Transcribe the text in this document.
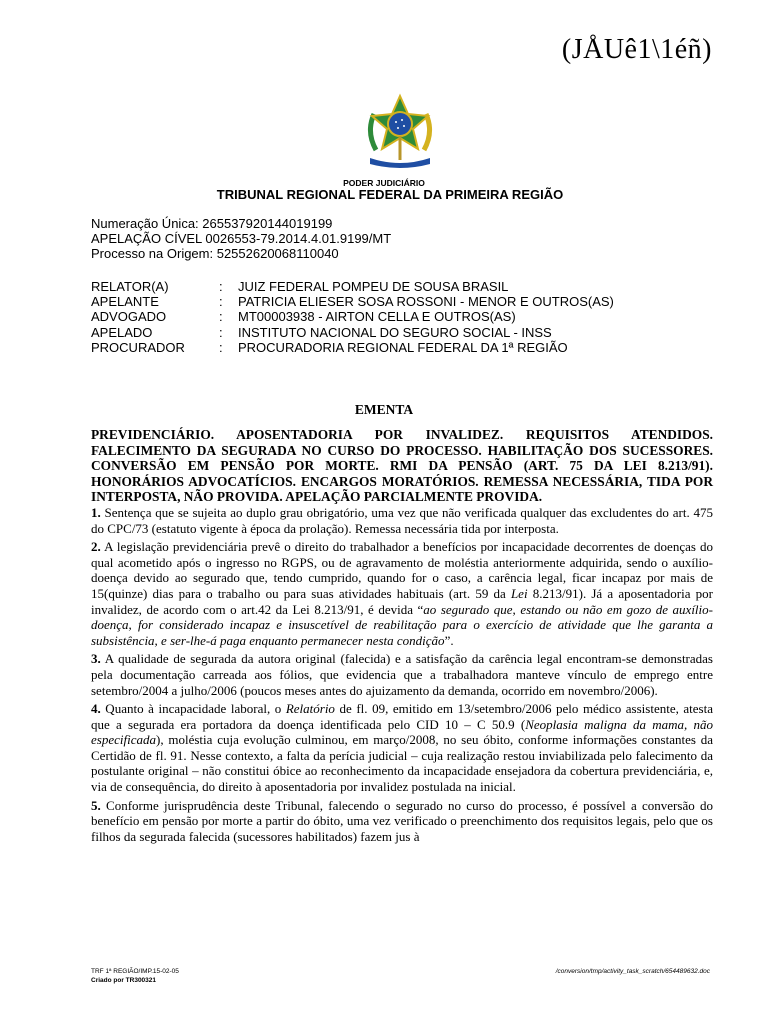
(JÅUê1\1éñ)
PODER JUDICIÁRIO
TRIBUNAL REGIONAL FEDERAL DA PRIMEIRA REGIÃO
Numeração Única: 265537920144019199
APELAÇÃO CÍVEL 0026553-79.2014.4.01.9199/MT
Processo na Origem: 52552620068110040
RELATOR(A)	:	JUIZ FEDERAL POMPEU DE SOUSA BRASIL
APELANTE	:	PATRICIA ELIESER SOSA ROSSONI - MENOR E OUTROS(AS)
ADVOGADO	:	MT00003938 - AIRTON CELLA E OUTROS(AS)
APELADO	:	INSTITUTO NACIONAL DO SEGURO SOCIAL - INSS
PROCURADOR	:	PROCURADORIA REGIONAL FEDERAL DA 1ª REGIÃO
EMENTA

PREVIDENCIÁRIO. APOSENTADORIA POR INVALIDEZ. REQUISITOS ATENDIDOS. FALECIMENTO DA SEGURADA NO CURSO DO PROCESSO. HABILITAÇÃO DOS SUCESSORES. CONVERSÃO EM PENSÃO POR MORTE. RMI DA PENSÃO (ART. 75 DA LEI 8.213/91). HONORÁRIOS ADVOCATÍCIOS. ENCARGOS MORATÓRIOS. REMESSA NECESSÁRIA, TIDA POR INTERPOSTA, NÃO PROVIDA. APELAÇÃO PARCIALMENTE PROVIDA.

1. Sentença que se sujeita ao duplo grau obrigatório, uma vez que não verificada qualquer das excludentes do art. 475 do CPC/73 (estatuto vigente à época da prolação). Remessa necessária tida por interposta.

2. A legislação previdenciária prevê o direito do trabalhador a benefícios por incapacidade decorrentes de doenças do qual acometido após o ingresso no RGPS, ou de agravamento de moléstia anteriormente adquirida, sendo o auxílio-doença devido ao segurado que, tendo cumprido, quando for o caso, a carência legal, ficar incapaz por mais de 15(quinze) dias para o trabalho ou para suas atividades habituais (art. 59 da Lei 8.213/91). Já a aposentadoria por invalidez, de acordo com o art.42 da Lei 8.213/91, é devida “ao segurado que, estando ou não em gozo de auxílio-doença, for considerado incapaz e insuscetível de reabilitação para o exercício de atividade que lhe garanta a subsistência, e ser-lhe-á paga enquanto permanecer nesta condição”.

3. A qualidade de segurada da autora original (falecida) e a satisfação da carência legal encontram-se demonstradas pela documentação carreada aos fólios, que evidencia que a trabalhadora manteve vínculo de emprego entre setembro/2004 a julho/2006 (poucos meses antes do ajuizamento da demanda, ocorrido em novembro/2006).

4. Quanto à incapacidade laboral, o Relatório de fl. 09, emitido em 13/setembro/2006 pelo médico assistente, atesta que a segurada era portadora da doença identificada pelo CID 10 – C 50.9 (Neoplasia maligna da mama, não especificada), moléstia cuja evolução culminou, em março/2008, no seu óbito, conforme informações constantes da Certidão de fl. 91. Nesse contexto, a falta da perícia judicial – cuja realização restou inviabilizada pelo falecimento da postulante original – não constitui óbice ao reconhecimento da incapacidade ensejadora da cobertura previdenciária, e, via de consequência, do direito à aposentadoria por invalidez postulada na inicial.

5. Conforme jurisprudência deste Tribunal, falecendo o segurado no curso do processo, é possível a conversão do benefício em pensão por morte a partir do óbito, uma vez verificado o preenchimento dos requisitos legais, pelo que os filhos da segurada falecida (sucessores habilitados) fazem jus à

TRF 1ª REGIÃO/IMP.15-02-05
Criado por TR300321
/conversion/tmp/activity_task_scratch/654489632.doc
